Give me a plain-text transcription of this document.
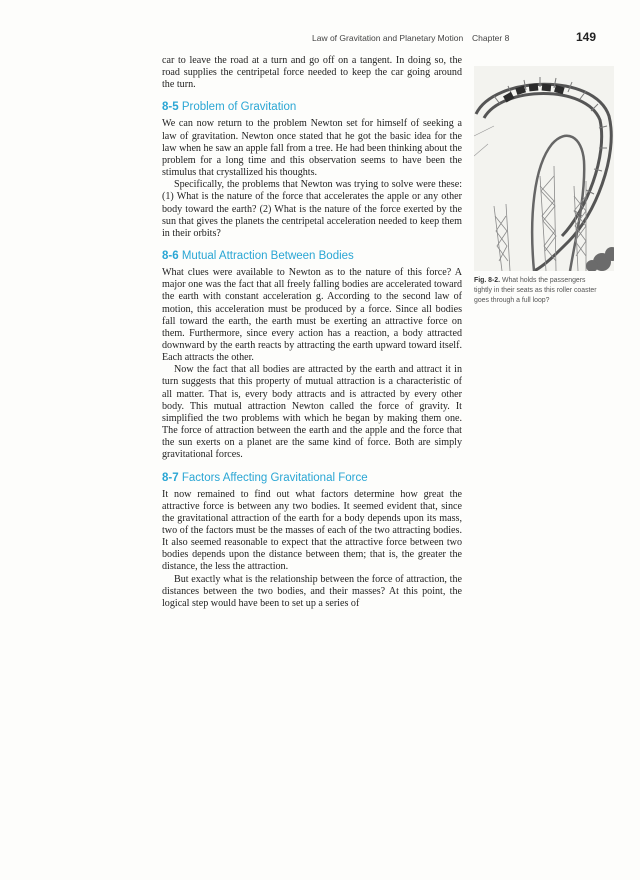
Law of Gravitation and Planetary Motion Chapter 8	149

car to leave the road at a turn and go off on a tangent. In doing so, the road supplies the centripetal force needed to keep the car going around the turn.

8-5 Problem of Gravitation

We can now return to the problem Newton set for himself of seeking a law of gravitation. Newton once stated that he got the basic idea for the law when he saw an apple fall from a tree. He had been thinking about the problem for a long time and this observation seems to have been the stimulus that crystallized his thoughts.

Specifically, the problems that Newton was trying to solve were these: (1) What is the nature of the force that accelerates the apple or any other body toward the earth? (2) What is the nature of the force exerted by the sun that gives the planets the centripetal acceleration needed to keep them in their orbits?

8-6 Mutual Attraction Between Bodies

What clues were available to Newton as to the nature of this force? A major one was the fact that all freely falling bodies are accelerated toward the earth with constant acceleration g. According to the second law of motion, this acceleration must be produced by a force. Since all bodies fall toward the earth, the earth must be exerting an attractive force on them. Furthermore, since every action has a reaction, a body attracted downward by the earth reacts by attracting the earth upward toward itself. Each attracts the other.

Now the fact that all bodies are attracted by the earth and attract it in turn suggests that this property of mutual attraction is a characteristic of all matter. That is, every body attracts and is attracted by every other body. This mutual attraction Newton called the force of gravity. It simplified the two problems with which he began by making them one. The force of attraction between the earth and the apple and the force that the sun exerts on a planet are the same kind of force. Both are simply gravitational forces.

8-7 Factors Affecting Gravitational Force

It now remained to find out what factors determine how great the attractive force is between any two bodies. It seemed evident that, since the gravitational attraction of the earth for a body depends upon its mass, two of the factors must be the masses of each of the two attracting bodies. It also seemed reasonable to expect that the attractive force between two bodies depends upon the distance between them; that is, the greater the distance, the less the attraction.

But exactly what is the relationship between the force of attraction, the distances between the two bodies, and their masses? At this point, the logical step would have been to set up a series of

Fig. 8-2. What holds the passengers tightly in their seats as this roller coaster goes through a full loop?
